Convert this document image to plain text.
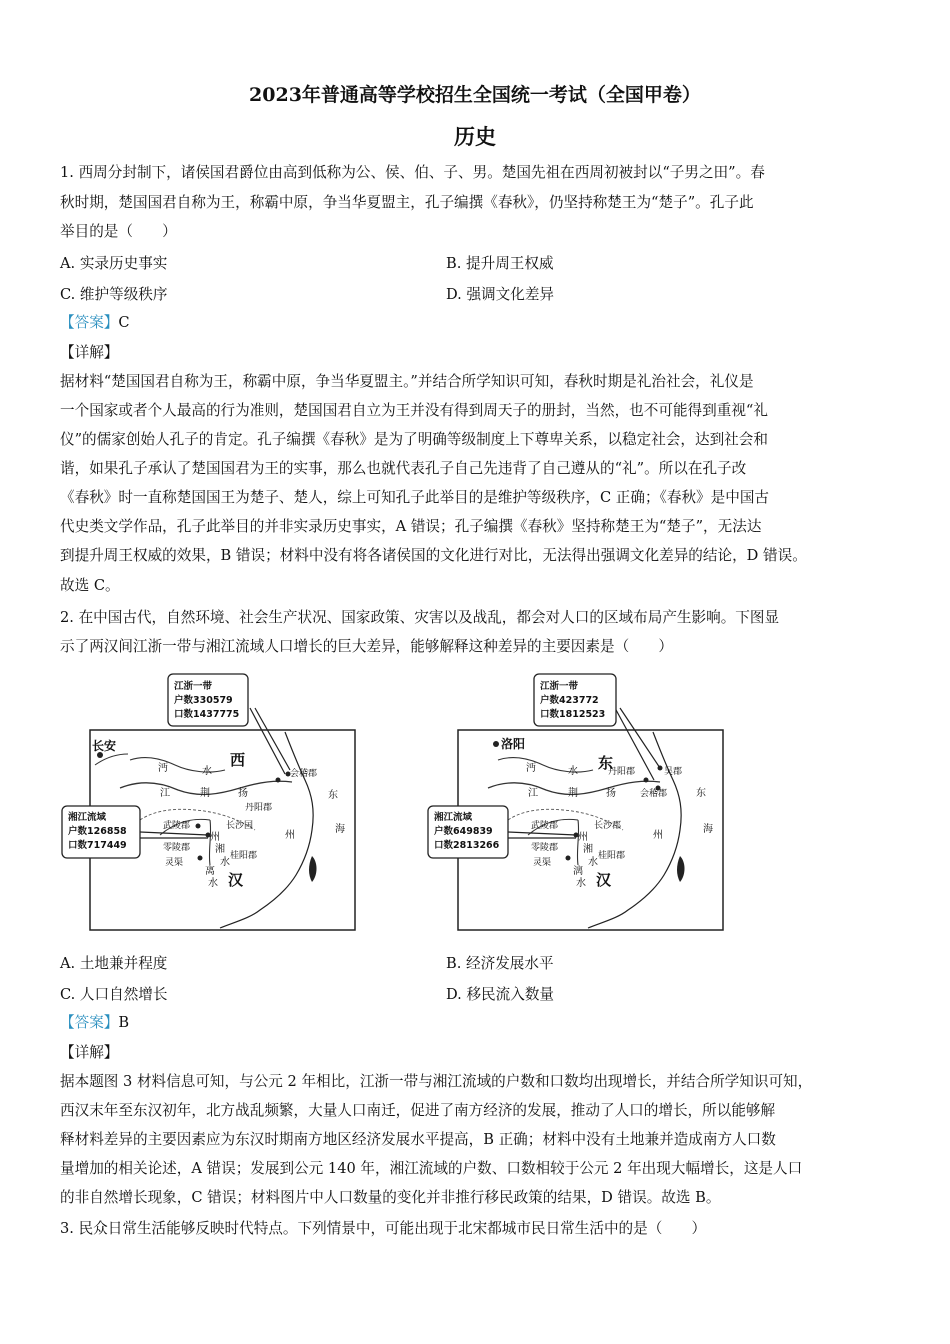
2023年普通高等学校招生全国统一考试（全国甲卷）
历史
1. 西周分封制下，诸侯国君爵位由高到低称为公、侯、伯、子、男。楚国先祖在西周初被封以“子男之田”。春
秋时期，楚国国君自称为王，称霸中原，争当华夏盟主，孔子编撰《春秋》，仍坚持称楚王为“楚子”。孔子此
举目的是（　　）
A. 实录历史事实	B. 提升周王权威
C. 维护等级秩序	D. 强调文化差异
【答案】C
【详解】
据材料“楚国国君自称为王，称霸中原，争当华夏盟主。”并结合所学知识可知，春秋时期是礼治社会，礼仪是
一个国家或者个人最高的行为准则，楚国国君自立为王并没有得到周天子的册封，当然，也不可能得到重视“礼
仪”的儒家创始人孔子的肯定。孔子编撰《春秋》是为了明确等级制度上下尊卑关系，以稳定社会，达到社会和
谐，如果孔子承认了楚国国君为王的实事，那么也就代表孔子自己先违背了自己遵从的“礼”。所以在孔子改
《春秋》时一直称楚国国王为楚子、楚人，综上可知孔子此举目的是维护等级秩序，C 正确；《春秋》是中国古
代史类文学作品，孔子此举目的并非实录历史事实，A 错误；孔子编撰《春秋》坚持称楚王为“楚子”，无法达
到提升周王权威的效果，B 错误；材料中没有将各诸侯国的文化进行对比，无法得出强调文化差异的结论，D 错误。
故选 C。
2. 在中国古代，自然环境、社会生产状况、国家政策、灾害以及战乱，都会对人口的区域布局产生影响。下图显
示了两汉间江浙一带与湘江流域人口增长的巨大差异，能够解释这种差异的主要因素是（　　）
长安
西
汉
沔	水
荆
江	扬
丹阳郡
会稽郡
东
海
州
武陵郡	长沙国
州
湘
零陵郡
水
灵渠
桂阳郡
离
水
江浙一带
户数330579
口数1437775
湘江流域
户数126858
口数717449
洛阳
东
汉
沔	水
荆
江	扬
丹阳郡	吴郡
东
海
州
武陵郡	长沙郡
州
湘
零陵郡
水
灵渠
桂阳郡
漓
水
会稽郡
江浙一带
户数423772
口数1812523
湘江流域
户数649839
口数2813266
A. 土地兼并程度	B. 经济发展水平
C. 人口自然增长	D. 移民流入数量
【答案】B
【详解】
据本题图 3 材料信息可知，与公元 2 年相比，江浙一带与湘江流域的户数和口数均出现增长，并结合所学知识可知，
西汉末年至东汉初年，北方战乱频繁，大量人口南迁，促进了南方经济的发展，推动了人口的增长，所以能够解
释材料差异的主要因素应为东汉时期南方地区经济发展水平提高，B 正确；材料中没有土地兼并造成南方人口数
量增加的相关论述，A 错误；发展到公元 140 年，湘江流域的户数、口数相较于公元 2 年出现大幅增长，这是人口
的非自然增长现象，C 错误；材料图片中人口数量的变化并非推行移民政策的结果，D 错误。故选 B。
3. 民众日常生活能够反映时代特点。下列情景中，可能出现于北宋都城市民日常生活中的是（　　）
